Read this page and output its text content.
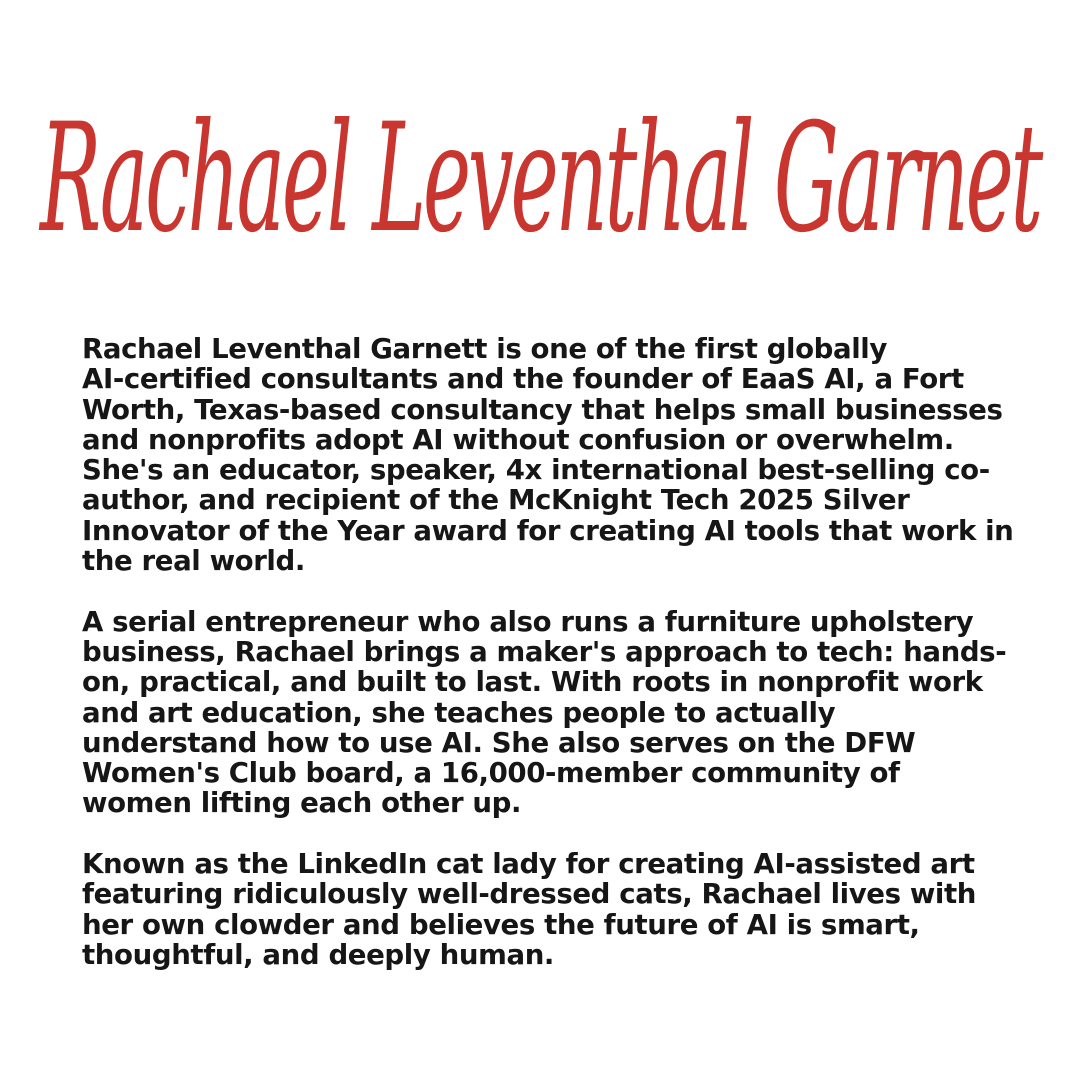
Rachael Leventhal Garnet

Rachael Leventhal Garnett is one of the first globally
AI-certified consultants and the founder of EaaS AI, a Fort
Worth, Texas-based consultancy that helps small businesses
and nonprofits adopt AI without confusion or overwhelm.
She's an educator, speaker, 4x international best-selling co-
author, and recipient of the McKnight Tech 2025 Silver
Innovator of the Year award for creating AI tools that work in
the real world.

A serial entrepreneur who also runs a furniture upholstery
business, Rachael brings a maker's approach to tech: hands-
on, practical, and built to last. With roots in nonprofit work
and art education, she teaches people to actually
understand how to use AI. She also serves on the DFW
Women's Club board, a 16,000-member community of
women lifting each other up.

Known as the LinkedIn cat lady for creating AI-assisted art
featuring ridiculously well-dressed cats, Rachael lives with
her own clowder and believes the future of AI is smart,
thoughtful, and deeply human.
